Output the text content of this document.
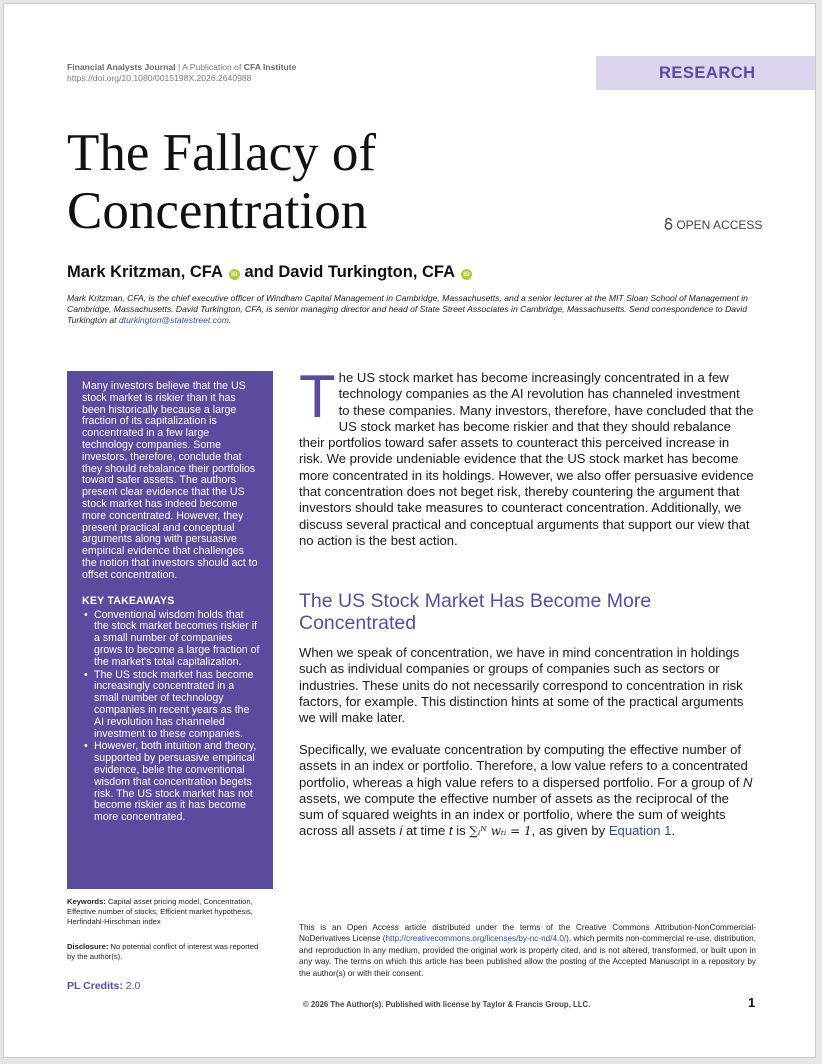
Financial Analysts Journal | A Publication of CFA Institute
https://doi.org/10.1080/0015198X.2026.2640988	RESEARCH
The Fallacy of
Concentration	OPEN ACCESS
Mark Kritzman, CFA iD and David Turkington, CFA iD

Mark Kritzman, CFA, is the chief executive officer of Windham Capital Management in Cambridge, Massachusetts, and a senior lecturer at the MIT Sloan School of Management in Cambridge, Massachusetts. David Turkington, CFA, is senior managing director and head of State Street Associates in Cambridge, Massachusetts. Send correspondence to David Turkington at dturkington@statestreet.com.

Many investors believe that the US stock market is riskier than it has been historically because a large fraction of its capitalization is concentrated in a few large technology companies. Some investors, therefore, conclude that they should rebalance their portfolios toward safer assets. The authors present clear evidence that the US stock market has indeed become more concentrated. However, they present practical and conceptual arguments along with persuasive empirical evidence that challenges the notion that investors should act to offset concentration.

KEY TAKEAWAYS
• Conventional wisdom holds that the stock market becomes riskier if a small number of companies grows to become a large fraction of the market's total capitalization.
• The US stock market has become increasingly concentrated in a small number of technology companies in recent years as the AI revolution has channeled investment to these companies.
• However, both intuition and theory, supported by persuasive empirical evidence, belie the conventional wisdom that concentration begets risk. The US stock market has not become riskier as it has become more concentrated.

Keywords: Capital asset pricing model, Concentration, Effective number of stocks, Efficient market hypothesis, Herfindahl-Hirschman index

Disclosure: No potential conflict of interest was reported by the author(s).

PL Credits: 2.0

The US stock market has become increasingly concentrated in a few technology companies as the AI revolution has channeled investment to these companies. Many investors, therefore, have concluded that the US stock market has become riskier and that they should rebalance their portfolios toward safer assets to counteract this perceived increase in risk. We provide undeniable evidence that the US stock market has become more concentrated in its holdings. However, we also offer persuasive evidence that concentration does not beget risk, thereby countering the argument that investors should take measures to counteract concentration. Additionally, we discuss several practical and conceptual arguments that support our view that no action is the best action.

The US Stock Market Has Become More Concentrated

When we speak of concentration, we have in mind concentration in holdings such as individual companies or groups of companies such as sectors or industries. These units do not necessarily correspond to concentration in risk factors, for example. This distinction hints at some of the practical arguments we will make later.

Specifically, we evaluate concentration by computing the effective number of assets in an index or portfolio. Therefore, a low value refers to a concentrated portfolio, whereas a high value refers to a dispersed portfolio. For a group of N assets, we compute the effective number of assets as the reciprocal of the sum of squared weights in an index or portfolio, where the sum of weights across all assets i at time t is ∑ᵢᴺ wₜᵢ = 1, as given by Equation 1.

This is an Open Access article distributed under the terms of the Creative Commons Attribution-NonCommercial-NoDerivatives License (http://creativecommons.org/licenses/by-nc-nd/4.0/), which permits non-commercial re-use, distribution, and reproduction in any medium, provided the original work is properly cited, and is not altered, transformed, or built upon in any way. The terms on which this article has been published allow the posting of the Accepted Manuscript in a repository by the author(s) or with their consent.

© 2026 The Author(s). Published with license by Taylor & Francis Group, LLC.	1
